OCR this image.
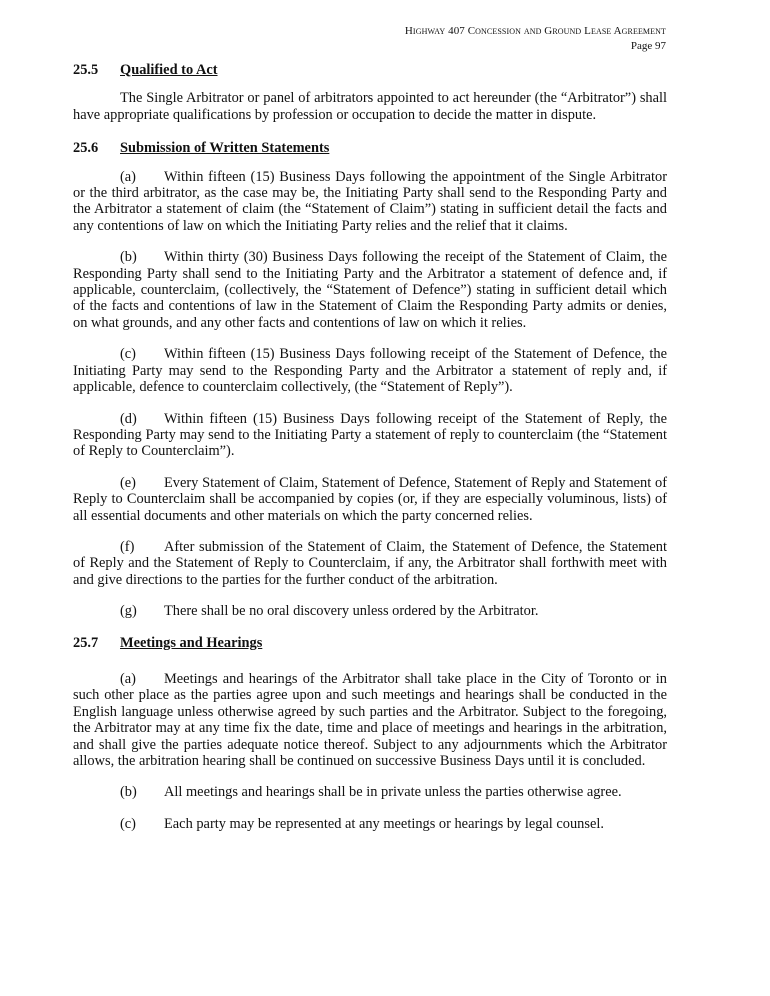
Highway 407 Concession and Ground Lease Agreement
Page 97
25.5 Qualified to Act

The Single Arbitrator or panel of arbitrators appointed to act hereunder (the “Arbitrator”) shall have appropriate qualifications by profession or occupation to decide the matter in dispute.

25.6 Submission of Written Statements

(a) Within fifteen (15) Business Days following the appointment of the Single Arbitrator or the third arbitrator, as the case may be, the Initiating Party shall send to the Responding Party and the Arbitrator a statement of claim (the “Statement of Claim”) stating in sufficient detail the facts and any contentions of law on which the Initiating Party relies and the relief that it claims.

(b) Within thirty (30) Business Days following the receipt of the Statement of Claim, the Responding Party shall send to the Initiating Party and the Arbitrator a statement of defence and, if applicable, counterclaim, (collectively, the “Statement of Defence”) stating in sufficient detail which of the facts and contentions of law in the Statement of Claim the Responding Party admits or denies, on what grounds, and any other facts and contentions of law on which it relies.

(c) Within fifteen (15) Business Days following receipt of the Statement of Defence, the Initiating Party may send to the Responding Party and the Arbitrator a statement of reply and, if applicable, defence to counterclaim collectively, (the “Statement of Reply”).

(d) Within fifteen (15) Business Days following receipt of the Statement of Reply, the Responding Party may send to the Initiating Party a statement of reply to counterclaim (the “Statement of Reply to Counterclaim”).

(e) Every Statement of Claim, Statement of Defence, Statement of Reply and Statement of Reply to Counterclaim shall be accompanied by copies (or, if they are especially voluminous, lists) of all essential documents and other materials on which the party concerned relies.

(f) After submission of the Statement of Claim, the Statement of Defence, the Statement of Reply and the Statement of Reply to Counterclaim, if any, the Arbitrator shall forthwith meet with and give directions to the parties for the further conduct of the arbitration.

(g) There shall be no oral discovery unless ordered by the Arbitrator.

25.7 Meetings and Hearings

(a) Meetings and hearings of the Arbitrator shall take place in the City of Toronto or in such other place as the parties agree upon and such meetings and hearings shall be conducted in the English language unless otherwise agreed by such parties and the Arbitrator. Subject to the foregoing, the Arbitrator may at any time fix the date, time and place of meetings and hearings in the arbitration, and shall give the parties adequate notice thereof. Subject to any adjournments which the Arbitrator allows, the arbitration hearing shall be continued on successive Business Days until it is concluded.

(b) All meetings and hearings shall be in private unless the parties otherwise agree.

(c) Each party may be represented at any meetings or hearings by legal counsel.
